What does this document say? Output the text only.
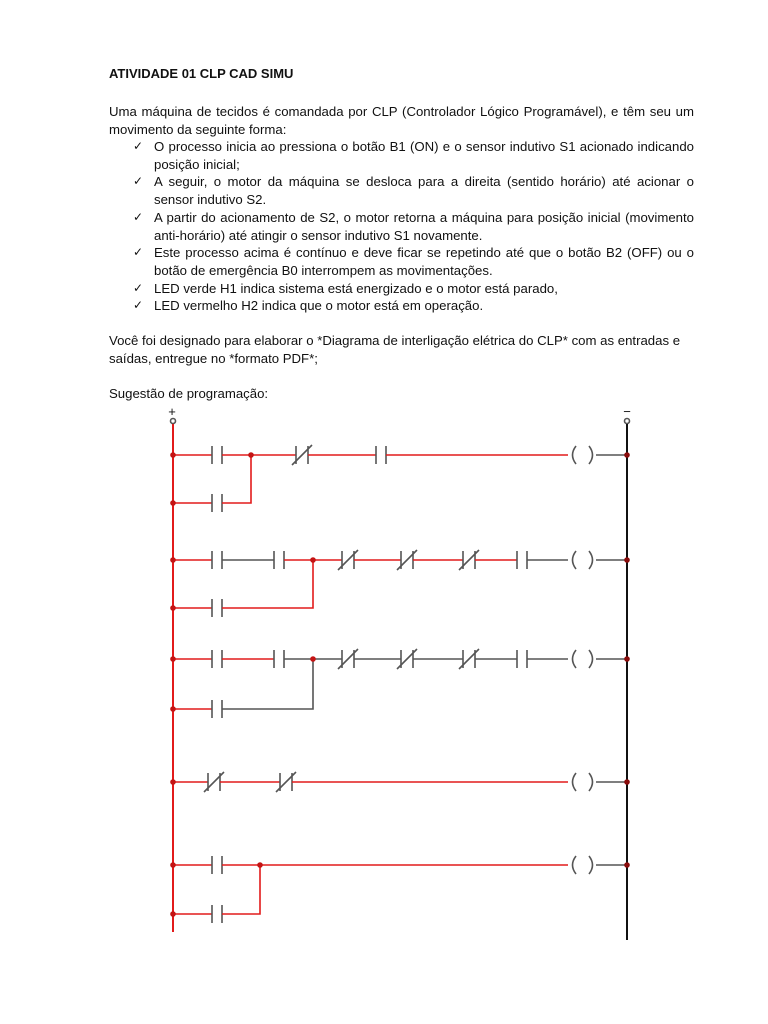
ATIVIDADE 01 CLP CAD SIMU
Uma máquina de tecidos é comandada por CLP (Controlador Lógico Programável), e têm seu um movimento da seguinte forma:
✓ O processo inicia ao pressiona o botão B1 (ON) e o sensor indutivo S1 acionado indicando posição inicial;
✓ A seguir, o motor da máquina se desloca para a direita (sentido horário) até acionar o sensor indutivo S2.
✓ A partir do acionamento de S2, o motor retorna a máquina para posição inicial (movimento anti-horário) até atingir o sensor indutivo S1 novamente.
✓ Este processo acima é contínuo e deve ficar se repetindo até que o botão B2 (OFF) ou o botão de emergência B0 interrompem as movimentações.
✓ LED verde H1 indica sistema está energizado e o motor está parado,
✓ LED vermelho H2 indica que o motor está em operação.
Você foi designado para elaborar o *Diagrama de interligação elétrica do CLP* com as entradas e saídas, entregue no *formato PDF*;
Sugestão de programação:
+	−
